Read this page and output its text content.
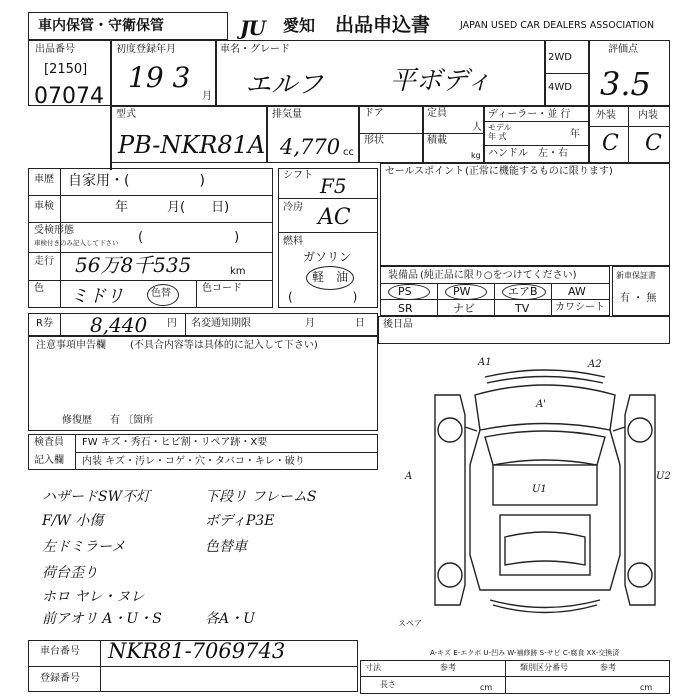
車内保管・守衛保管	JU	愛知 出品申込書	JAPAN USED CAR DEALERS ASSOCIATION
出品番号
[2150]
07074
初度登録年月
19 3
月
車名・グレード
エルフ	平ボディ
2WD
4WD
評価点
3.5
型式
PB-NKR81A
排気量
4,770 cc
ドア
形状
定員
人
積載
kg
ディーラー・並 行
モデル
年 式	年
ハンドル　左・右
外装 内装
C C
車歴 自家用・(　　　　　)
車検	年　　　月(　　日)
受検形態
車検付きのみ記入して下さい (　　　　　　　)
走行 56万8千535	km
色 ミドリ	色替	色コード
シフト F5
冷房 AC
燃料
ガソリン
軽　油
(　　　　　)
セールスポイント (正常に機能するものに限ります)
装備品 (純正品に限り○をつけてください)
PS	PW	エアB	AW
SR	ナビ	TV	カワシート
新車保証書
有 ・ 無
R券 8,440 円 名変通知期限	月	日
注意事項申告欄 (不具合内容等は具体的に記入して下さい)
修復歴 有 〔箇所
後日品
検査員
記入欄
FW キズ・秀石・ヒビ割・リペア跡・X要
内装 キズ・汚レ・コゲ・穴・タバコ・キレ・破り
ハザードSW不灯
F/W 小傷
左ドミラーメ
荷台歪り
ホロ ヤレ・ヌレ
前アオリ A・U・S
下段リ フレームS
ボディP3E
色替車
各A・U
A1	A2
A'
U1
A	U2
スペア
A-キズ E-エクボ U-凹み W-補修跡 S-サビ C-腐食 XX-交換済
車台番号 NKR81-7069743
登録番号
寸法
長さ
参考
cm
類別区分番号	参考
cm
